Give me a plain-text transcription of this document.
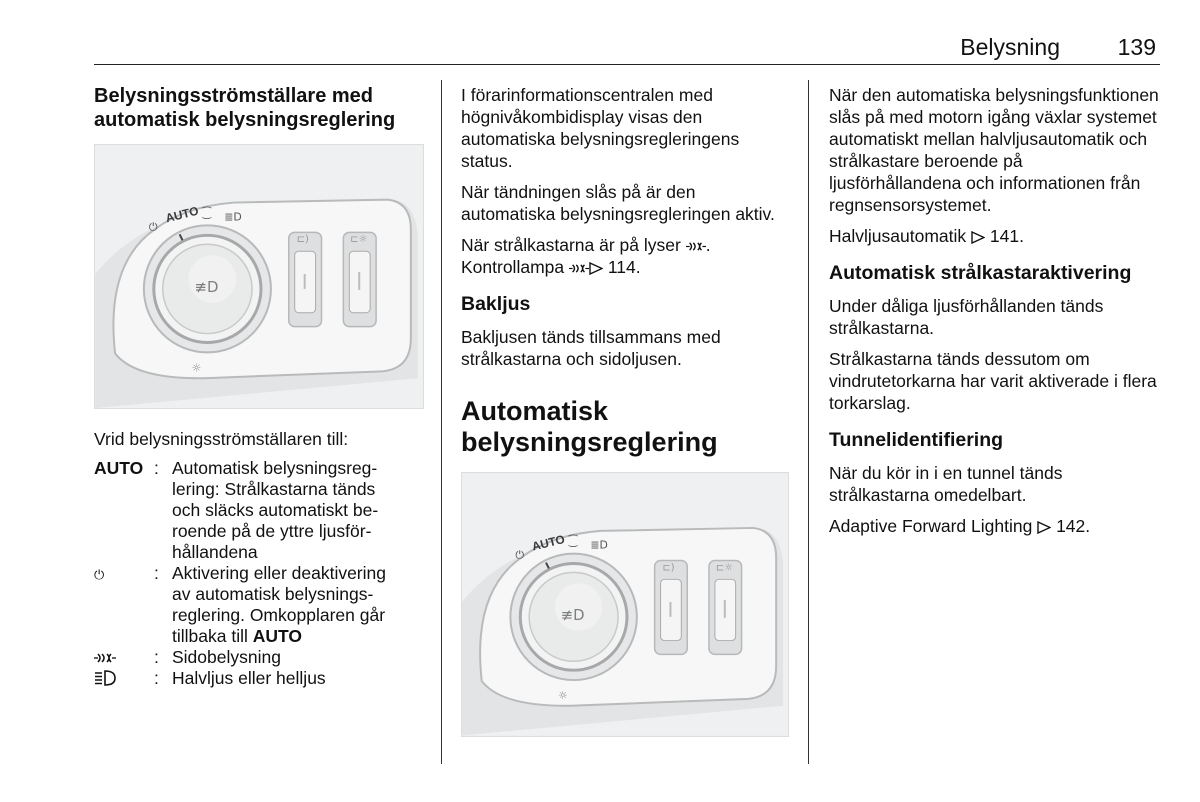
Belysning	139
Belysningsströmställare med automatisk belysningsreglering

Vrid belysningsströmställaren till:

AUTO : Automatisk belysningsreg-
lering: Strålkastarna tänds
och släcks automatiskt be-
roende på de yttre ljusför-
hållandena
⏻	: Aktivering eller deaktivering
av automatisk belysnings-
reglering. Omkopplaren går
tillbaka till AUTO
: Sidobelysning
: Halvljus eller helljus

I förarinformationscentralen med högnivåkombidisplay visas den automatiska belysningsregleringens status.

När tändningen slås på är den automatiska belysningsregleringen aktiv.

När strålkastarna är på lyser . Kontrollampa	114.

Bakljus

Bakljusen tänds tillsammans med strålkastarna och sidoljusen.

Automatisk belysningsreglering

När den automatiska belysningsfunktionen slås på med motorn igång växlar systemet automatiskt mellan halvljusautomatik och strålkastare beroende på ljusförhållandena och informationen från regnsensorsystemet.

Halvljusautomatik 141.

Automatisk strålkastaraktivering

Under dåliga ljusförhållanden tänds strålkastarna.

Strålkastarna tänds dessutom om vindrutetorkarna har varit aktiverade i flera torkarslag.

Tunnelidentifiering

När du kör in i en tunnel tänds strålkastarna omedelbart.

Adaptive Forward Lighting 142.
